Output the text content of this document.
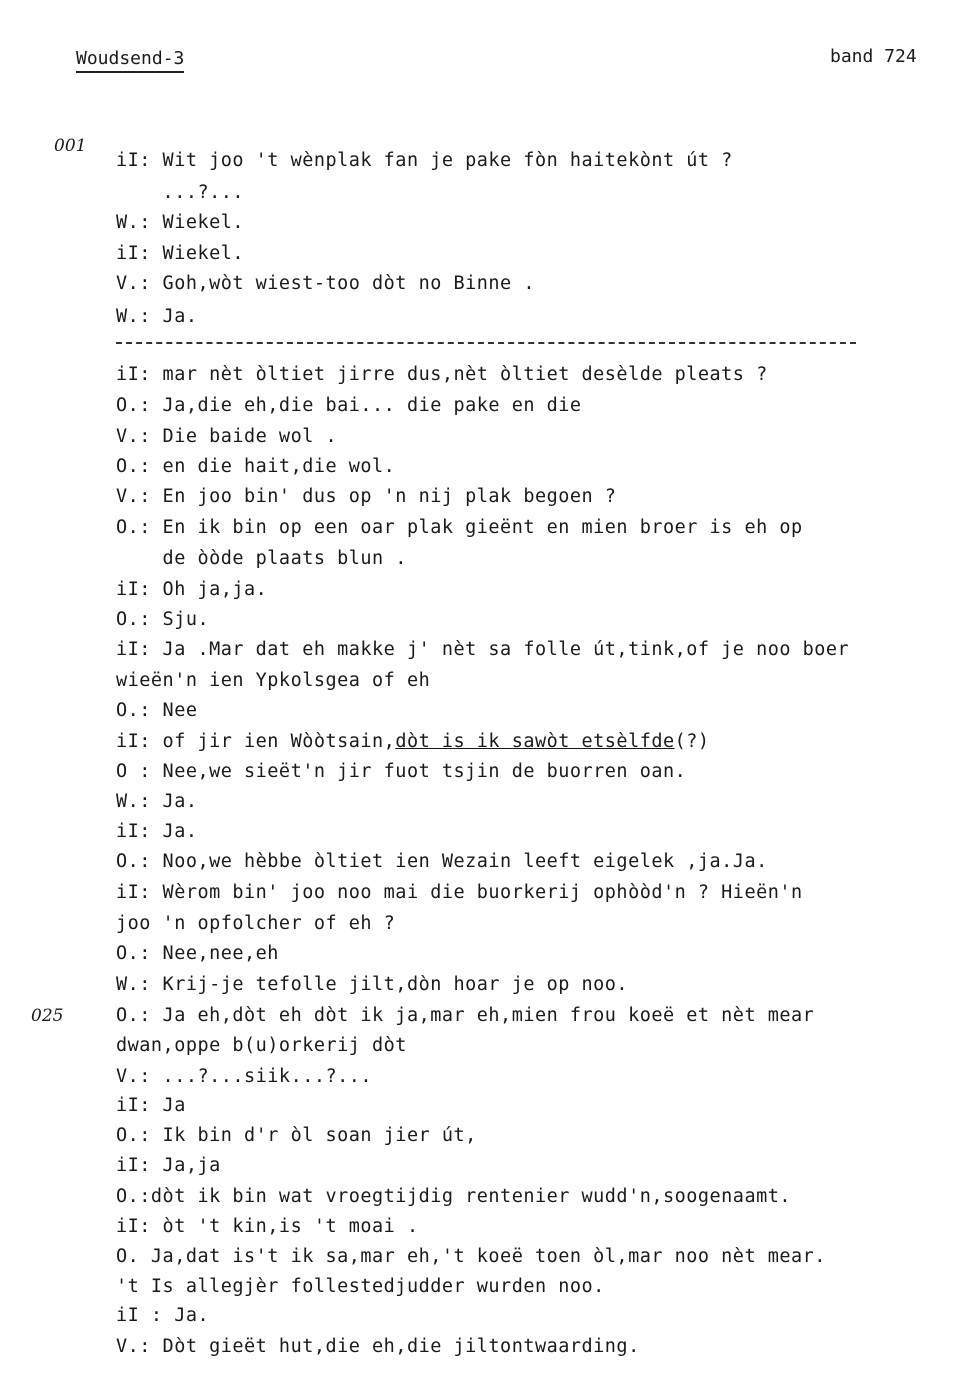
Woudsend-3	band 724
001
025
iI: Wit joo 't wènplak fan je pake fòn haitekònt út ?
...?...
W.: Wiekel.
iI: Wiekel.
V.: Goh,wòt wiest-too dòt no Binne .
W.: Ja.
iI: mar nèt òltiet jirre dus,nèt òltiet desèlde pleats ?
O.: Ja,die eh,die bai... die pake en die
V.: Die baide wol .
O.: en die hait,die wol.
V.: En joo bin' dus op 'n nij plak begoen ?
O.: En ik bin op een oar plak gieënt en mien broer is eh op
de òòde plaats blun .
iI: Oh ja,ja.
O.: Sju.
iI: Ja .Mar dat eh makke j' nèt sa folle út,tink,of je noo boer
wieën'n ien Ypkolsgea of eh
O.: Nee
iI: of jir ien Wòòtsain,dòt is ik sawòt etsèlfde(?)
O : Nee,we sieët'n jir fuot tsjin de buorren oan.
W.: Ja.
iI: Ja.
O.: Noo,we hèbbe òltiet ien Wezain leeft eigelek ,ja.Ja.
iI: Wèrom bin' joo noo mai die buorkerij ophòòd'n ? Hieën'n
joo 'n opfolcher of eh ?
O.: Nee,nee,eh
W.: Krij-je tefolle jilt,dòn hoar je op noo.
O.: Ja eh,dòt eh dòt ik ja,mar eh,mien frou koeë et nèt mear
dwan,oppe b(u)orkerij dòt
V.: ...?...siik...?...
iI: Ja
O.: Ik bin d'r òl soan jier út,
iI: Ja,ja
O.:dòt ik bin wat vroegtijdig rentenier wudd'n,soogenaamt.
iI: òt 't kin,is 't moai .
O. Ja,dat is't ik sa,mar eh,'t koeë toen òl,mar noo nèt mear.
't Is allegjèr follestedjudder wurden noo.
iI : Ja.
V.: Dòt gieët hut,die eh,die jiltontwaarding.
